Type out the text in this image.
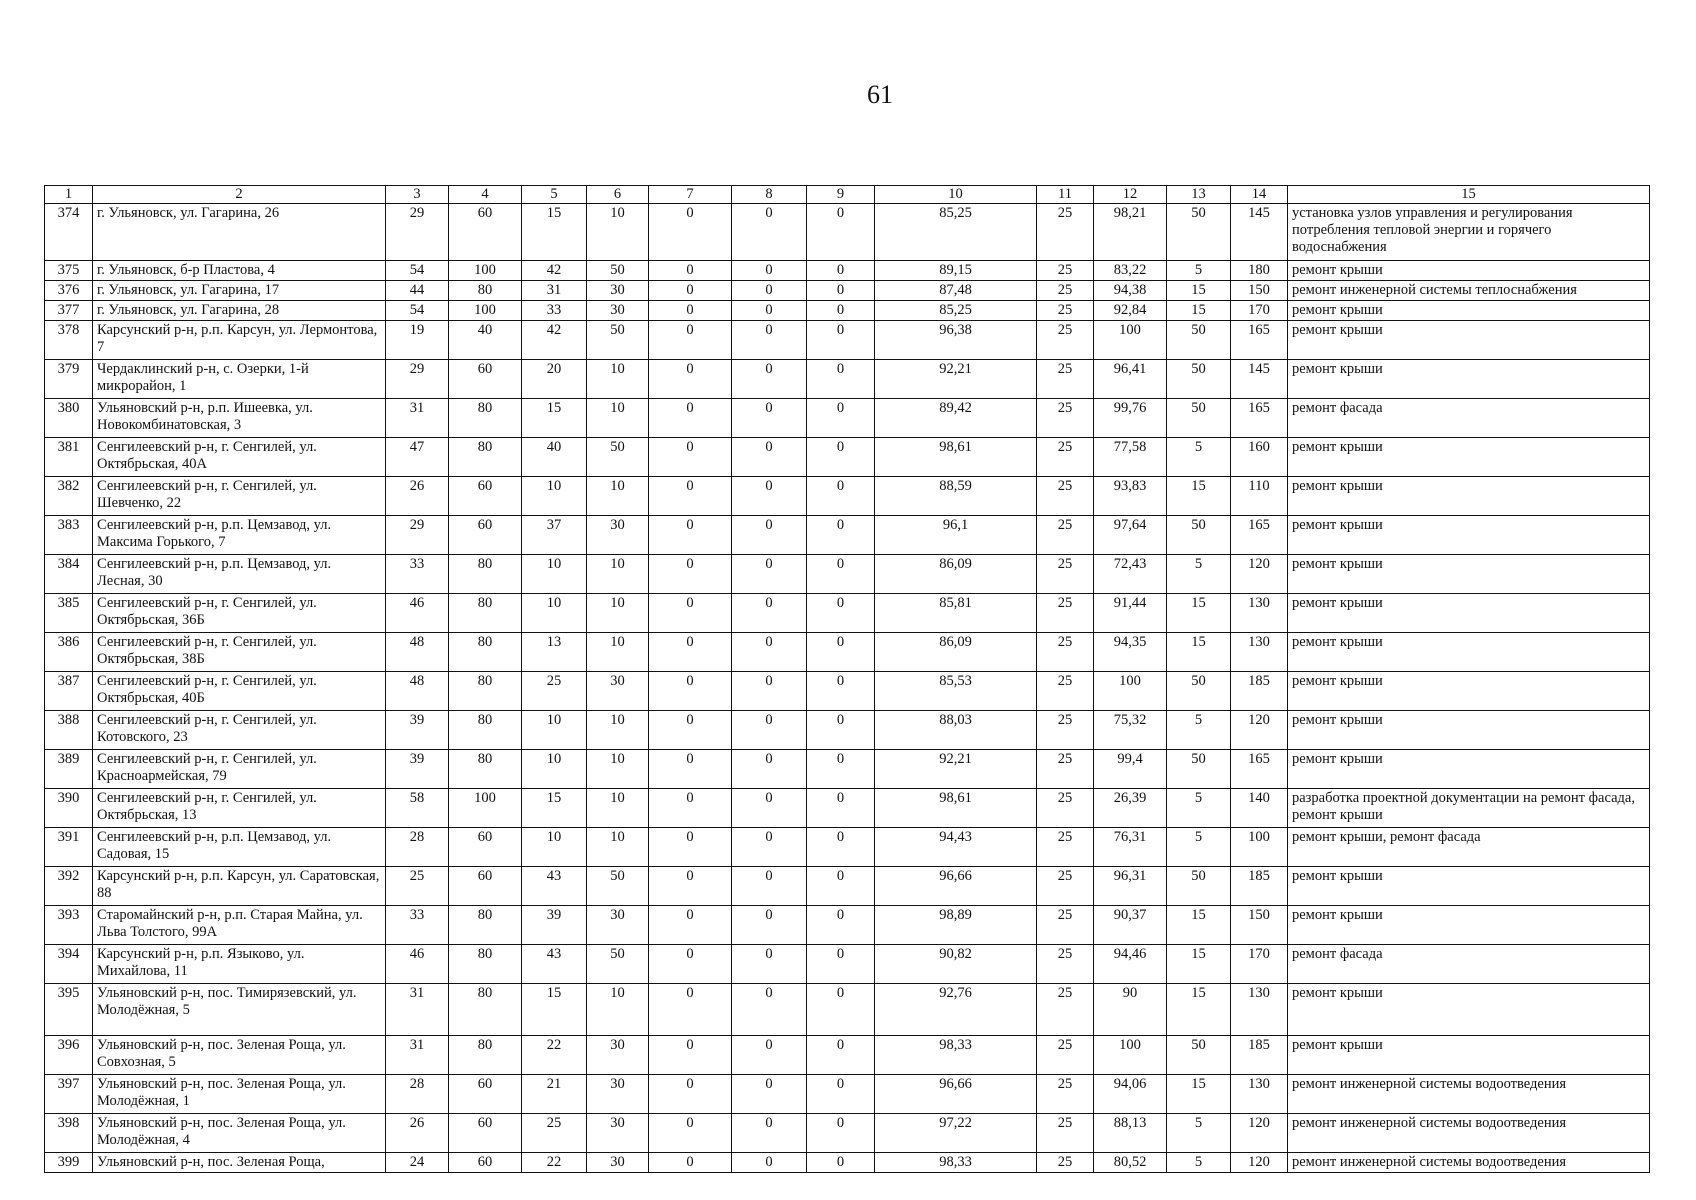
61
1	2	3	4	5	6	7	8	9	10	11	12	13	14	15
374	г. Ульяновск, ул. Гагарина, 26	29	60	15	10	0	0	0	85,25	25	98,21	50	145	установка узлов управления и регулирования потребления тепловой энергии и горячего водоснабжения
375	г. Ульяновск, б-р Пластова, 4	54	100	42	50	0	0	0	89,15	25	83,22	5	180	ремонт крыши
376	г. Ульяновск, ул. Гагарина, 17	44	80	31	30	0	0	0	87,48	25	94,38	15	150	ремонт инженерной системы теплоснабжения
377	г. Ульяновск, ул. Гагарина, 28	54	100	33	30	0	0	0	85,25	25	92,84	15	170	ремонт крыши
378	Карсунский р-н, р.п. Карсун, ул. Лермонтова, 7	19	40	42	50	0	0	0	96,38	25	100	50	165	ремонт крыши
379	Чердаклинский р-н, с. Озерки, 1-й микрорайон, 1	29	60	20	10	0	0	0	92,21	25	96,41	50	145	ремонт крыши
380	Ульяновский р-н, р.п. Ишеевка, ул. Новокомбинатовская, 3	31	80	15	10	0	0	0	89,42	25	99,76	50	165	ремонт фасада
381	Сенгилеевский р-н, г. Сенгилей, ул. Октябрьская, 40А	47	80	40	50	0	0	0	98,61	25	77,58	5	160	ремонт крыши
382	Сенгилеевский р-н, г. Сенгилей, ул. Шевченко, 22	26	60	10	10	0	0	0	88,59	25	93,83	15	110	ремонт крыши
383	Сенгилеевский р-н, р.п. Цемзавод, ул. Максима Горького, 7	29	60	37	30	0	0	0	96,1	25	97,64	50	165	ремонт крыши
384	Сенгилеевский р-н, р.п. Цемзавод, ул. Лесная, 30	33	80	10	10	0	0	0	86,09	25	72,43	5	120	ремонт крыши
385	Сенгилеевский р-н, г. Сенгилей, ул. Октябрьская, 36Б	46	80	10	10	0	0	0	85,81	25	91,44	15	130	ремонт крыши
386	Сенгилеевский р-н, г. Сенгилей, ул. Октябрьская, 38Б	48	80	13	10	0	0	0	86,09	25	94,35	15	130	ремонт крыши
387	Сенгилеевский р-н, г. Сенгилей, ул. Октябрьская, 40Б	48	80	25	30	0	0	0	85,53	25	100	50	185	ремонт крыши
388	Сенгилеевский р-н, г. Сенгилей, ул. Котовского, 23	39	80	10	10	0	0	0	88,03	25	75,32	5	120	ремонт крыши
389	Сенгилеевский р-н, г. Сенгилей, ул. Красноармейская, 79	39	80	10	10	0	0	0	92,21	25	99,4	50	165	ремонт крыши
390	Сенгилеевский р-н, г. Сенгилей, ул. Октябрьская, 13	58	100	15	10	0	0	0	98,61	25	26,39	5	140	разработка проектной документации на ремонт фасада, ремонт крыши
391	Сенгилеевский р-н, р.п. Цемзавод, ул. Садовая, 15	28	60	10	10	0	0	0	94,43	25	76,31	5	100	ремонт крыши, ремонт фасада
392	Карсунский р-н, р.п. Карсун, ул. Саратовская, 88	25	60	43	50	0	0	0	96,66	25	96,31	50	185	ремонт крыши
393	Старомайнский р-н, р.п. Старая Майна, ул. Льва Толстого, 99А	33	80	39	30	0	0	0	98,89	25	90,37	15	150	ремонт крыши
394	Карсунский р-н, р.п. Языково, ул. Михайлова, 11	46	80	43	50	0	0	0	90,82	25	94,46	15	170	ремонт фасада
395	Ульяновский р-н, пос. Тимирязевский, ул. Молодёжная, 5	31	80	15	10	0	0	0	92,76	25	90	15	130	ремонт крыши
396	Ульяновский р-н, пос. Зеленая Роща, ул. Совхозная, 5	31	80	22	30	0	0	0	98,33	25	100	50	185	ремонт крыши
397	Ульяновский р-н, пос. Зеленая Роща, ул. Молодёжная, 1	28	60	21	30	0	0	0	96,66	25	94,06	15	130	ремонт инженерной системы водоотведения
398	Ульяновский р-н, пос. Зеленая Роща, ул. Молодёжная, 4	26	60	25	30	0	0	0	97,22	25	88,13	5	120	ремонт инженерной системы водоотведения
399	Ульяновский р-н, пос. Зеленая Роща,	24	60	22	30	0	0	0	98,33	25	80,52	5	120	ремонт инженерной системы водоотведения
